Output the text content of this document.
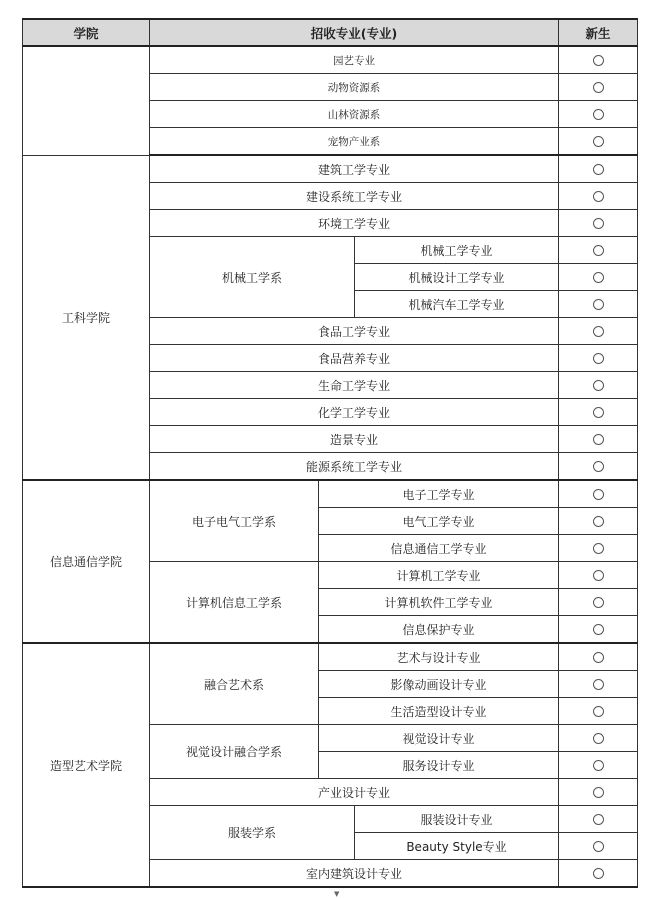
学院	招收专业(专业)			新生
	园艺专业			
	动物资源系			
	山林资源系			
	宠物产业系			
工科学院	建筑工学专业			
	建设系统工学专业			
	环境工学专业			
	机械工学系		机械工学专业	
			机械设计工学专业	
			机械汽车工学专业	
	食品工学专业			
	食品营养专业			
	生命工学专业			
	化学工学专业			
	造景专业			
	能源系统工学专业			
信息通信学院	电子电气工学系	电子工学专业		
		电气工学专业		
		信息通信工学专业		
	计算机信息工学系	计算机工学专业		
		计算机软件工学专业		
		信息保护专业		
造型艺术学院	融合艺术系	艺术与设计专业		
		影像动画设计专业		
		生活造型设计专业		
	视觉设计融合学系	视觉设计专业		
		服务设计专业		
	产业设计专业			
	服装学系		服装设计专业	
			Beauty Style专业	
	室内建筑设计专业			
▼
